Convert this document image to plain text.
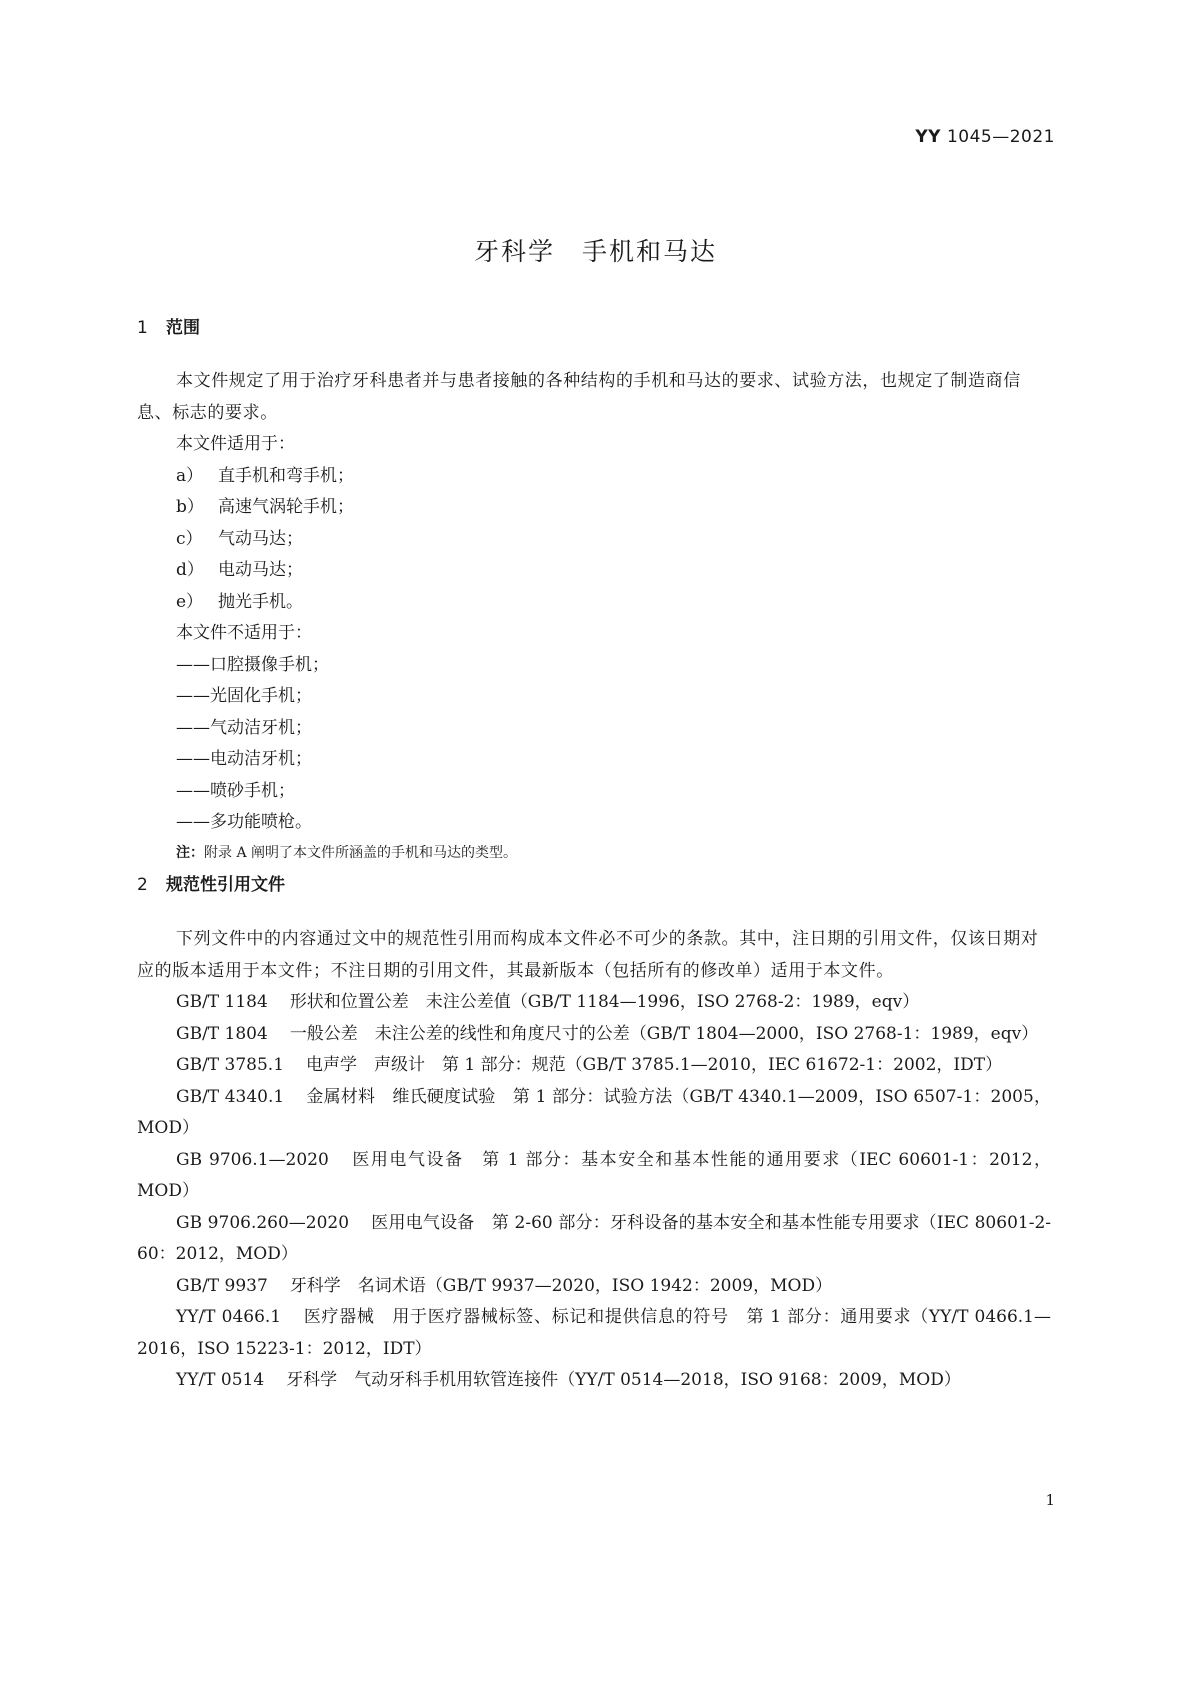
YY 1045—2021
牙科学　手机和马达
1 范围
本文件规定了用于治疗牙科患者并与患者接触的各种结构的手机和马达的要求、试验方法，也规定了制造商信息、标志的要求。
本文件适用于：
a） 直手机和弯手机；
b） 高速气涡轮手机；
c） 气动马达；
d） 电动马达；
e） 抛光手机。
本文件不适用于：
——口腔摄像手机；
——光固化手机；
——气动洁牙机；
——电动洁牙机；
——喷砂手机；
——多功能喷枪。
注：附录 A 阐明了本文件所涵盖的手机和马达的类型。
2 规范性引用文件
下列文件中的内容通过文中的规范性引用而构成本文件必不可少的条款。其中，注日期的引用文件，仅该日期对应的版本适用于本文件；不注日期的引用文件，其最新版本（包括所有的修改单）适用于本文件。
GB/T 1184 形状和位置公差　未注公差值（GB/T 1184—1996，ISO 2768-2：1989，eqv）
GB/T 1804 一般公差　未注公差的线性和角度尺寸的公差（GB/T 1804—2000，ISO 2768-1：1989，eqv）
GB/T 3785.1 电声学　声级计　第 1 部分：规范（GB/T 3785.1—2010，IEC 61672-1：2002，IDT）
GB/T 4340.1 金属材料　维氏硬度试验　第 1 部分：试验方法（GB/T 4340.1—2009，ISO 6507-1：2005，MOD）
GB 9706.1—2020 医用电气设备　第 1 部分：基本安全和基本性能的通用要求（IEC 60601-1：2012，MOD）
GB 9706.260—2020 医用电气设备　第 2-60 部分：牙科设备的基本安全和基本性能专用要求（IEC 80601-2-60：2012，MOD）
GB/T 9937 牙科学　名词术语（GB/T 9937—2020，ISO 1942：2009，MOD）
YY/T 0466.1 医疗器械　用于医疗器械标签、标记和提供信息的符号　第 1 部分：通用要求（YY/T 0466.1—2016，ISO 15223-1：2012，IDT）
YY/T 0514 牙科学　气动牙科手机用软管连接件（YY/T 0514—2018，ISO 9168：2009，MOD）
1
